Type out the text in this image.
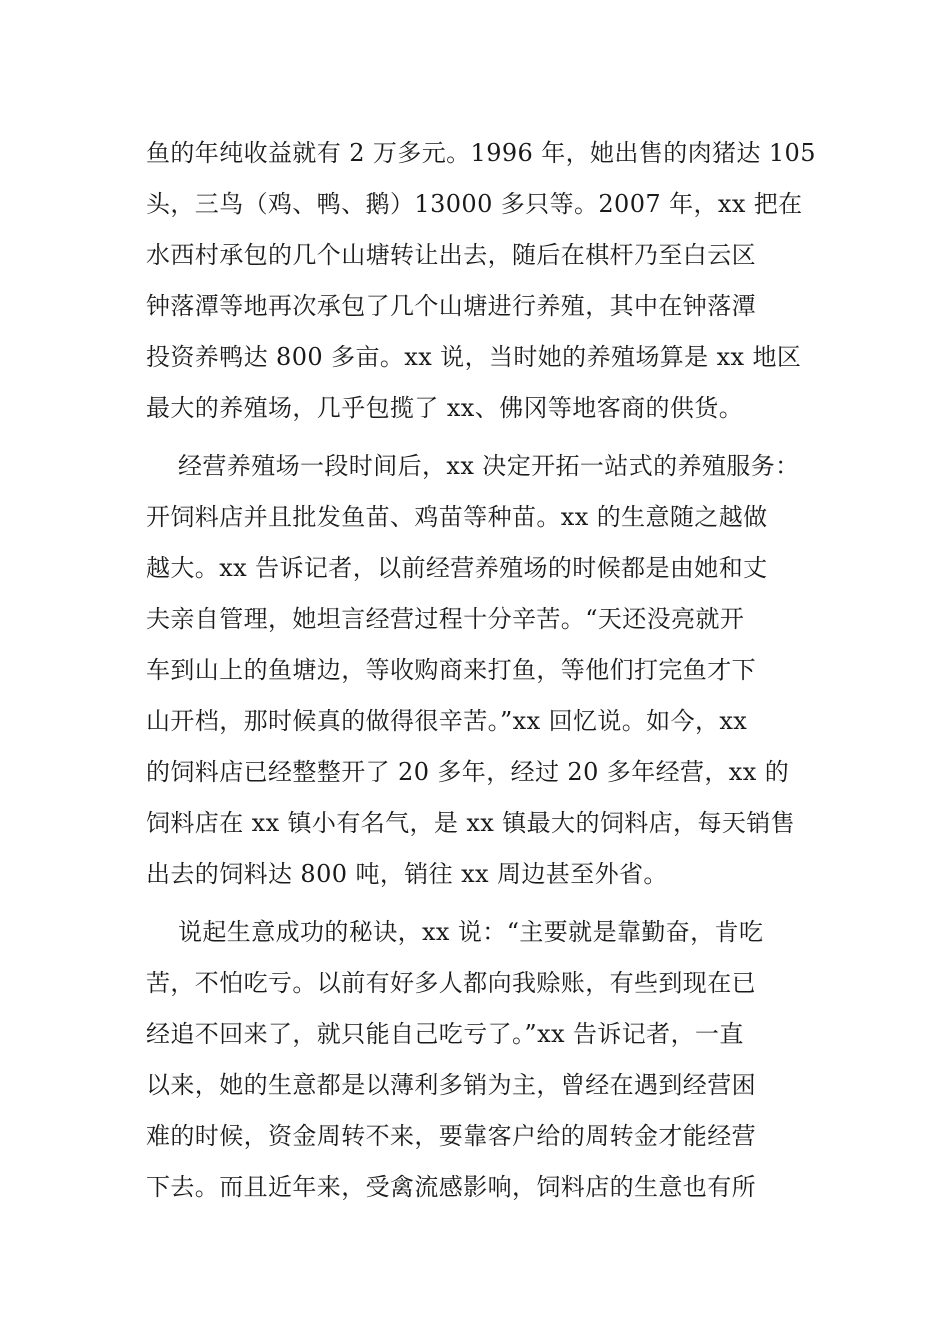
鱼的年纯收益就有 2 万多元。1996 年，她出售的肉猪达 105
头，三鸟（鸡、鸭、鹅）13000 多只等。2007 年，xx 把在
水西村承包的几个山塘转让出去，随后在棋杆乃至白云区
钟落潭等地再次承包了几个山塘进行养殖，其中在钟落潭
投资养鸭达 800 多亩。xx 说，当时她的养殖场算是 xx 地区
最大的养殖场，几乎包揽了 xx、佛冈等地客商的供货。
经营养殖场一段时间后，xx 决定开拓一站式的养殖服务：
开饲料店并且批发鱼苗、鸡苗等种苗。xx 的生意随之越做
越大。xx 告诉记者，以前经营养殖场的时候都是由她和丈
夫亲自管理，她坦言经营过程十分辛苦。“天还没亮就开
车到山上的鱼塘边，等收购商来打鱼，等他们打完鱼才下
山开档，那时候真的做得很辛苦。”xx 回忆说。如今，xx
的饲料店已经整整开了 20 多年，经过 20 多年经营，xx 的
饲料店在 xx 镇小有名气，是 xx 镇最大的饲料店，每天销售
出去的饲料达 800 吨，销往 xx 周边甚至外省。
说起生意成功的秘诀，xx 说：“主要就是靠勤奋，肯吃
苦，不怕吃亏。以前有好多人都向我赊账，有些到现在已
经追不回来了，就只能自己吃亏了。”xx 告诉记者，一直
以来，她的生意都是以薄利多销为主，曾经在遇到经营困
难的时候，资金周转不来，要靠客户给的周转金才能经营
下去。而且近年来，受禽流感影响，饲料店的生意也有所
